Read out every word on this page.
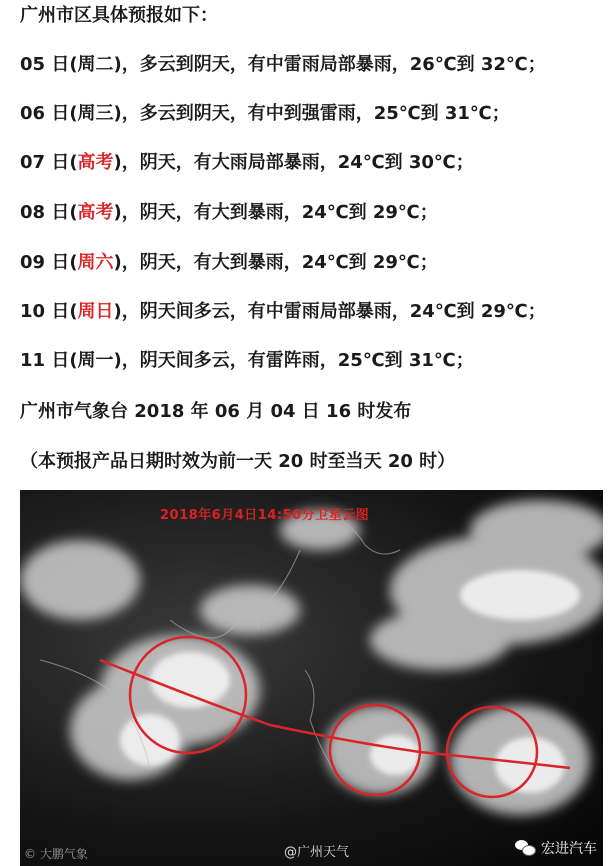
广州市区具体预报如下：
05 日(周二)，多云到阴天，有中雷雨局部暴雨，26℃到 32℃；
06 日(周三)，多云到阴天，有中到强雷雨，25℃到 31℃；
07 日(高考)，阴天，有大雨局部暴雨，24℃到 30℃；
08 日(高考)，阴天，有大到暴雨，24℃到 29℃；
09 日(周六)，阴天，有大到暴雨，24℃到 29℃；
10 日(周日)，阴天间多云，有中雷雨局部暴雨，24℃到 29℃；
11 日(周一)，阴天间多云，有雷阵雨，25℃到 31℃；
广州市气象台 2018 年 06 月 04 日 16 时发布
（本预报产品日期时效为前一天 20 时至当天 20 时）
2018年6月4日14:50分卫星云图
© 大鹏气象	@广州天气	宏进汽车
